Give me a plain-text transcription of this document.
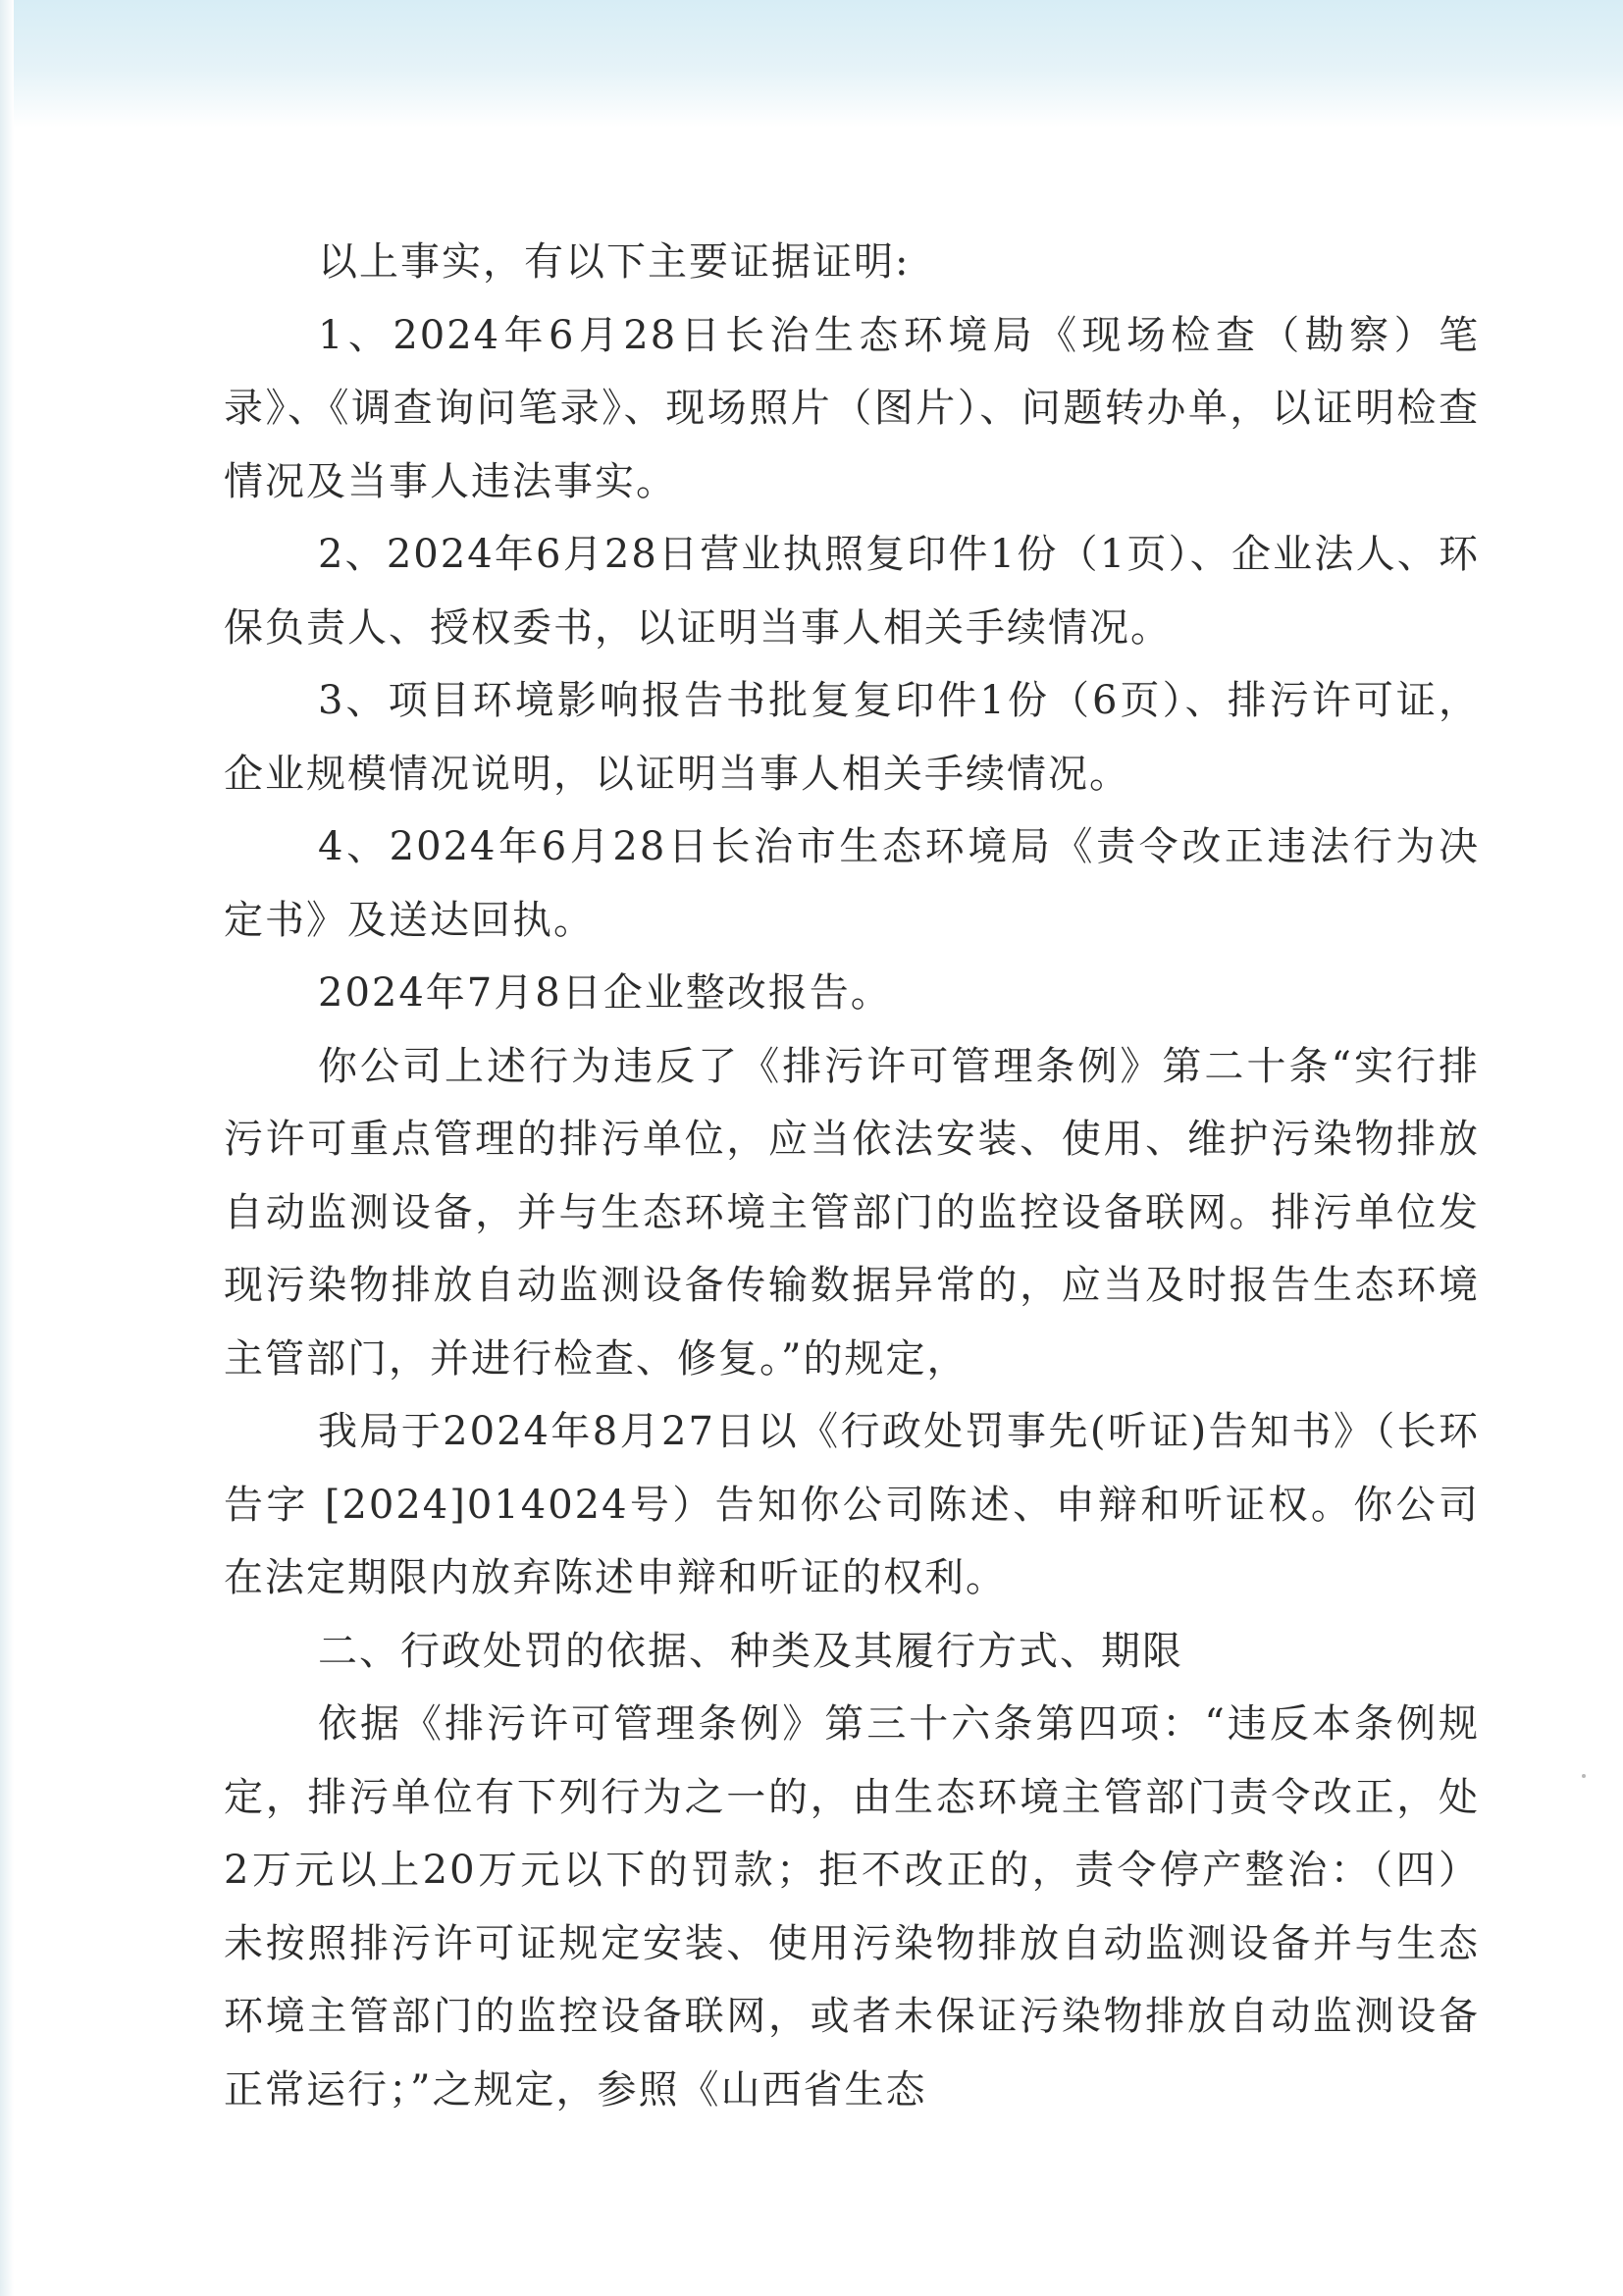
以上事实，有以下主要证据证明:

1、2024年6月28日长治生态环境局《现场检查（勘察）笔录》、《调查询问笔录》、现场照片（图片）、问题转办单，以证明检查情况及当事人违法事实。

2、2024年6月28日营业执照复印件1份（1页）、企业法人、环保负责人、授权委书，以证明当事人相关手续情况。

3、项目环境影响报告书批复复印件1份（6页）、排污许可证，企业规模情况说明，以证明当事人相关手续情况。

4、2024年6月28日长治市生态环境局《责令改正违法行为决定书》及送达回执。

2024年7月8日企业整改报告。

你公司上述行为违反了《排污许可管理条例》第二十条“实行排污许可重点管理的排污单位，应当依法安装、使用、维护污染物排放自动监测设备，并与生态环境主管部门的监控设备联网。排污单位发现污染物排放自动监测设备传输数据异常的，应当及时报告生态环境主管部门，并进行检查、修复。”的规定，

我局于2024年8月27日以《行政处罚事先(听证)告知书》（长环告字 [2024]014024号）告知你公司陈述、申辩和听证权。你公司在法定期限内放弃陈述申辩和听证的权利。

二、行政处罚的依据、种类及其履行方式、期限

依据《排污许可管理条例》第三十六条第四项：“违反本条例规定，排污单位有下列行为之一的，由生态环境主管部门责令改正，处2万元以上20万元以下的罚款；拒不改正的，责令停产整治：（四）未按照排污许可证规定安装、使用污染物排放自动监测设备并与生态环境主管部门的监控设备联网，或者未保证污染物排放自动监测设备正常运行；”之规定，参照《山西省生态
